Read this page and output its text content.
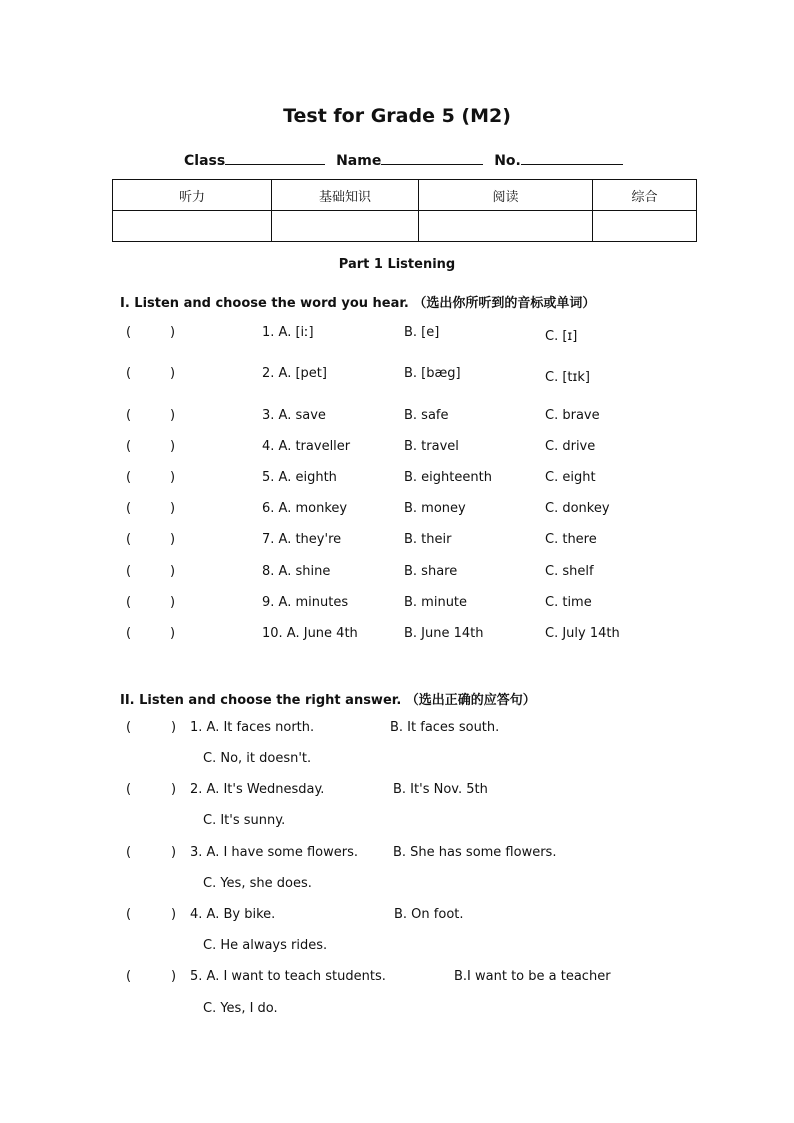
Test for Grade 5 (M2)
Class	Name	No.
听力	基础知识	阅读	综合

Part 1 Listening
I. Listen and choose the word you hear. （选出你所听到的音标或单词）
(	)	1. A. [iː]	B. [e]	C. [ɪ]
(	)	2. A. [pet]	B. [bæg]	C. [tɪk]
(	)	3. A. save	B. safe	C. brave
(	)	4. A. traveller	B. travel	C. drive
(	)	5. A. eighth	B. eighteenth	C. eight
(	)	6. A. monkey	B. money	C. donkey
(	)	7. A. they're	B. their	C. there
(	)	8. A. shine	B. share	C. shelf
(	)	9. A. minutes	B. minute	C. time
(	)	10. A. June 4th	B. June 14th	C. July 14th
II. Listen and choose the right answer. （选出正确的应答句）
(	) 1. A. It faces north.	B. It faces south.
C. No, it doesn't.
(	) 2. A. It's Wednesday.	B. It's Nov. 5th
C. It's sunny.
(	) 3. A. I have some flowers.	B. She has some flowers.
C. Yes, she does.
(	) 4. A. By bike.	B. On foot.
C. He always rides.
(	) 5. A. I want to teach students.	B.I want to be a teacher
C. Yes, I do.
